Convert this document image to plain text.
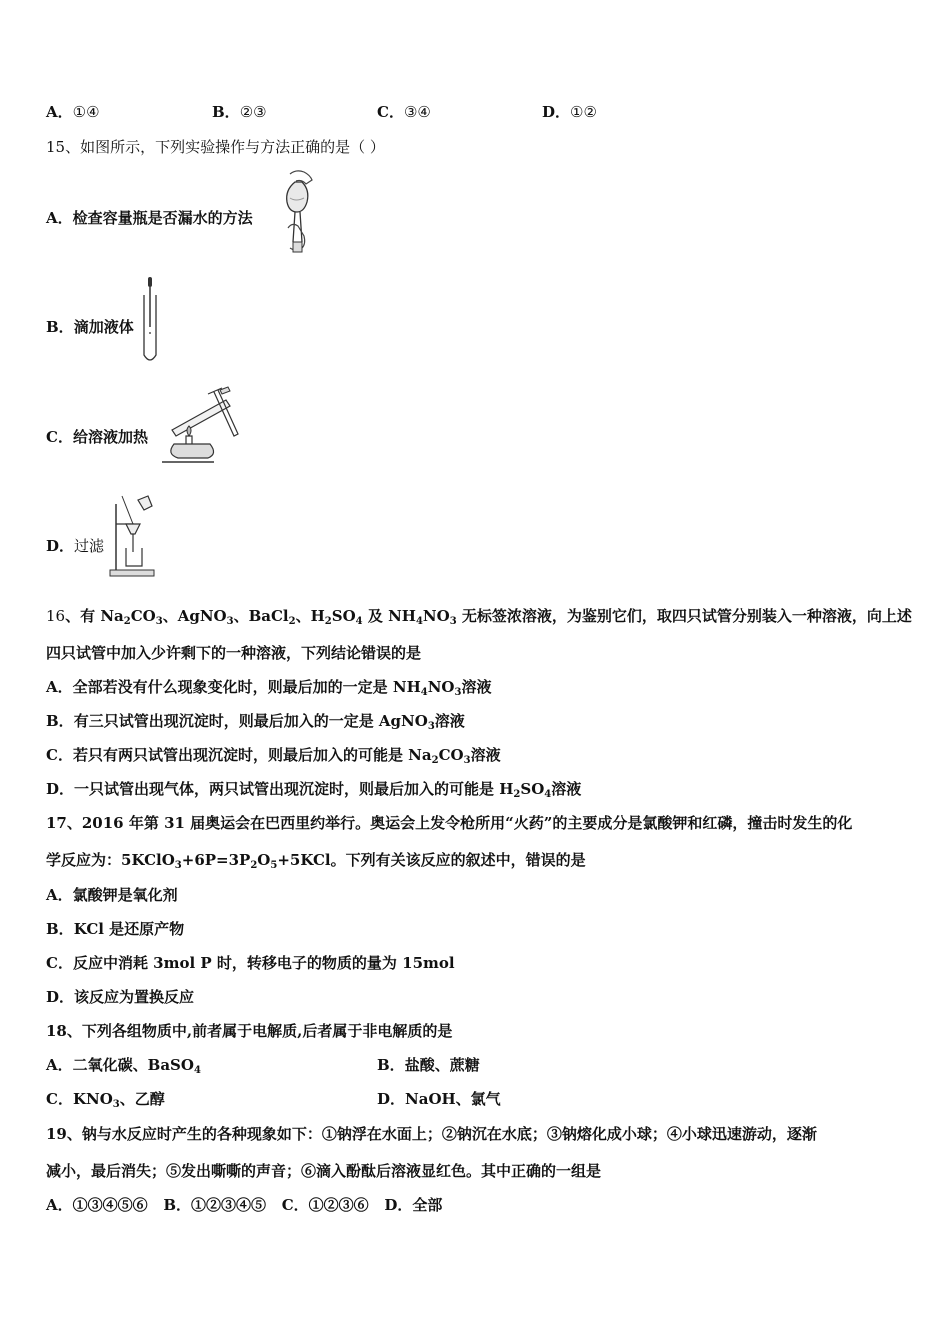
A．①④	B．②③	C．③④	D．①②
15、如图所示，下列实验操作与方法正确的是（ ）
A．检查容量瓶是否漏水的方法
B．滴加液体
C．给溶液加热
D．过滤
16、有 $Na_2CO_3$、AgNO$_3$、BaCl$_2$、$H_2SO_4$ 及 $NH_4NO_3$ 无标签浓溶液，为鉴别它们，取四只试管分别装入一种溶液，向上述
四只试管中加入少许剩下的一种溶液，下列结论错误的是
A．全部若没有什么现象变化时，则最后加的一定是 $NH_4NO_3$溶液
B．有三只试管出现沉淀时，则最后加入的一定是 AgNO$_3$溶液
C．若只有两只试管出现沉淀时，则最后加入的可能是 $Na_2CO_3$溶液
D．一只试管出现气体，两只试管出现沉淀时，则最后加入的可能是 $H_2SO_4$溶液
17、2016 年第 31 届奥运会在巴西里约举行。奥运会上发令枪所用“火药”的主要成分是氯酸钾和红磷，撞击时发生的化
学反应为：$5KClO_3+6P=3P_2O_5+5KCl$。下列有关该反应的叙述中，错误的是
A．氯酸钾是氧化剂
B．KCl 是还原产物
C．反应中消耗 3mol P 时，转移电子的物质的量为 15mol
D．该反应为置换反应
18、下列各组物质中,前者属于电解质,后者属于非电解质的是
A．二氧化碳、BaSO$_4$	B．盐酸、蔗糖
C．$KNO_3$、乙醇	D．NaOH、氯气
19、钠与水反应时产生的各种现象如下：①钠浮在水面上；②钠沉在水底；③钠熔化成小球；④小球迅速游动，逐渐
减小，最后消失；⑤发出嘶嘶的声音；⑥滴入酚酞后溶液显红色。其中正确的一组是
A．①③④⑤⑥ B．①②③④⑤ C．①②③⑥ D．全部
